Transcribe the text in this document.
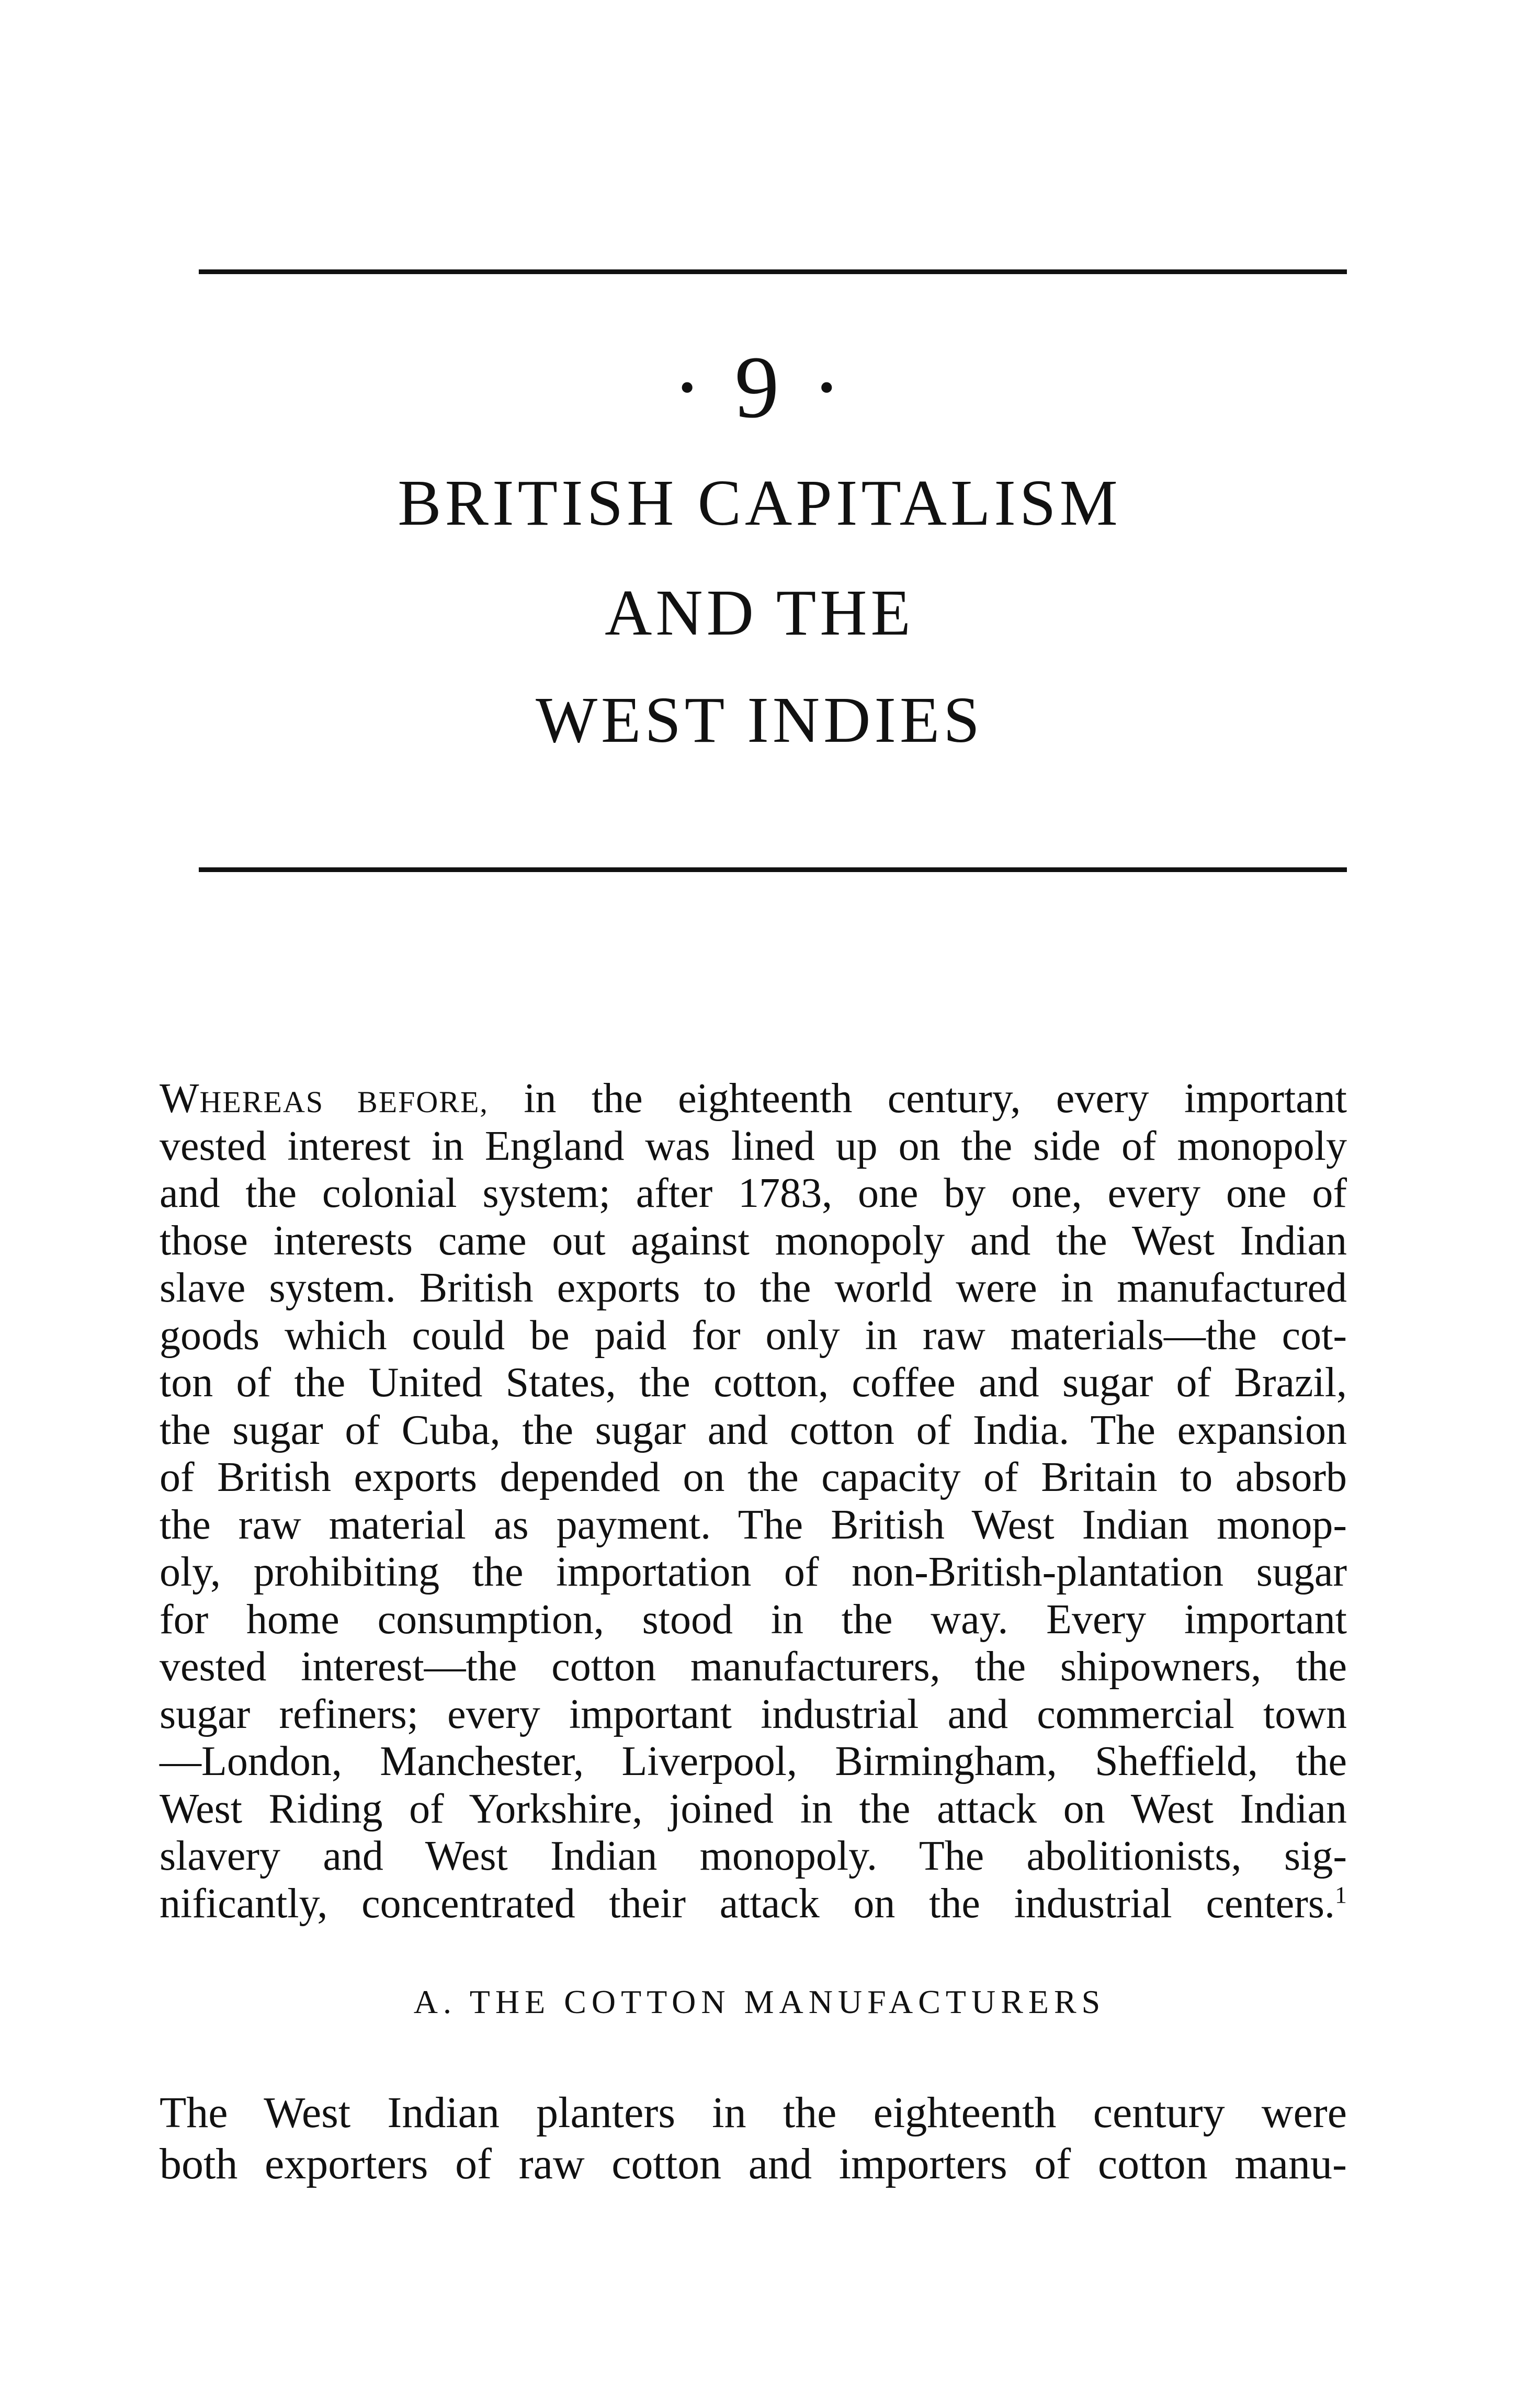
· 9 ·
BRITISH CAPITALISM
AND THE
WEST INDIES
WHEREAS BEFORE, in the eighteenth century, every important
vested interest in England was lined up on the side of monopoly
and the colonial system; after 1783, one by one, every one of
those interests came out against monopoly and the West Indian
slave system. British exports to the world were in manufactured
goods which could be paid for only in raw materials—the cot-
ton of the United States, the cotton, coffee and sugar of Brazil,
the sugar of Cuba, the sugar and cotton of India. The expansion
of British exports depended on the capacity of Britain to absorb
the raw material as payment. The British West Indian monop-
oly, prohibiting the importation of non-British-plantation sugar
for home consumption, stood in the way. Every important
vested interest—the cotton manufacturers, the shipowners, the
sugar refiners; every important industrial and commercial town
—London, Manchester, Liverpool, Birmingham, Sheffield, the
West Riding of Yorkshire, joined in the attack on West Indian
slavery and West Indian monopoly. The abolitionists, sig-
nificantly, concentrated their attack on the industrial centers.$^1$
A. THE COTTON MANUFACTURERS
The West Indian planters in the eighteenth century were
both exporters of raw cotton and importers of cotton manu-
